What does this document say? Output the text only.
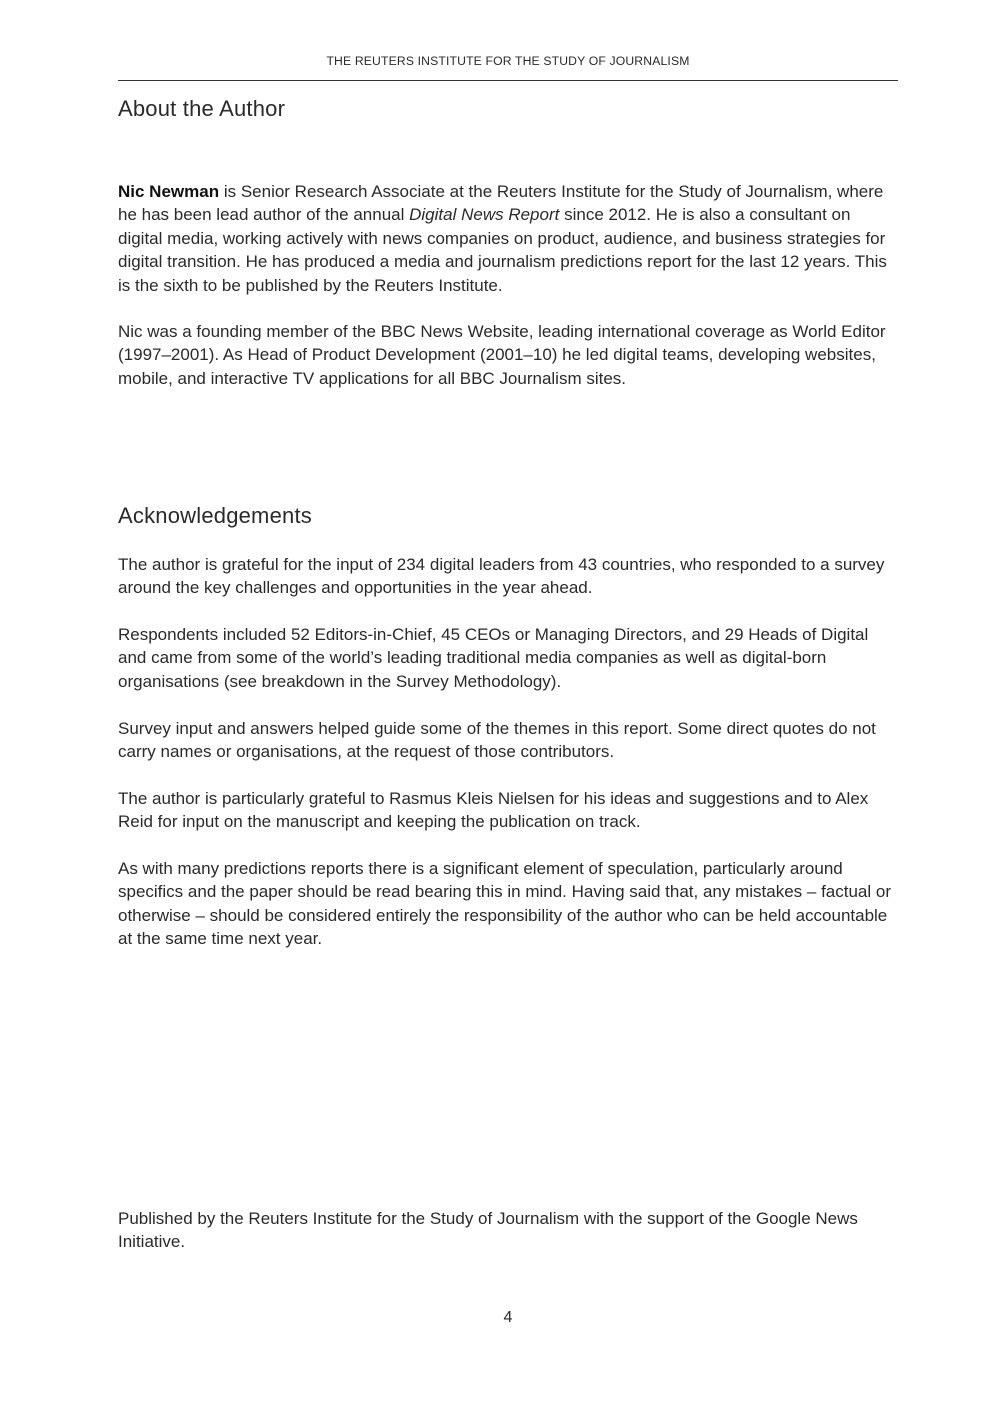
THE REUTERS INSTITUTE FOR THE STUDY OF JOURNALISM
About the Author

Nic Newman is Senior Research Associate at the Reuters Institute for the Study of Journalism, where he has been lead author of the annual Digital News Report since 2012. He is also a consultant on digital media, working actively with news companies on product, audience, and business strategies for digital transition. He has produced a media and journalism predictions report for the last 12 years. This is the sixth to be published by the Reuters Institute.

Nic was a founding member of the BBC News Website, leading international coverage as World Editor (1997–2001). As Head of Product Development (2001–10) he led digital teams, developing websites, mobile, and interactive TV applications for all BBC Journalism sites.

Acknowledgements

The author is grateful for the input of 234 digital leaders from 43 countries, who responded to a survey around the key challenges and opportunities in the year ahead.

Respondents included 52 Editors-in-Chief, 45 CEOs or Managing Directors, and 29 Heads of Digital and came from some of the world’s leading traditional media companies as well as digital-born organisations (see breakdown in the Survey Methodology).

Survey input and answers helped guide some of the themes in this report. Some direct quotes do not carry names or organisations, at the request of those contributors.

The author is particularly grateful to Rasmus Kleis Nielsen for his ideas and suggestions and to Alex Reid for input on the manuscript and keeping the publication on track.

As with many predictions reports there is a significant element of speculation, particularly around specifics and the paper should be read bearing this in mind. Having said that, any mistakes – factual or otherwise – should be considered entirely the responsibility of the author who can be held accountable at the same time next year.

Published by the Reuters Institute for the Study of Journalism with the support of the Google News Initiative.

4
